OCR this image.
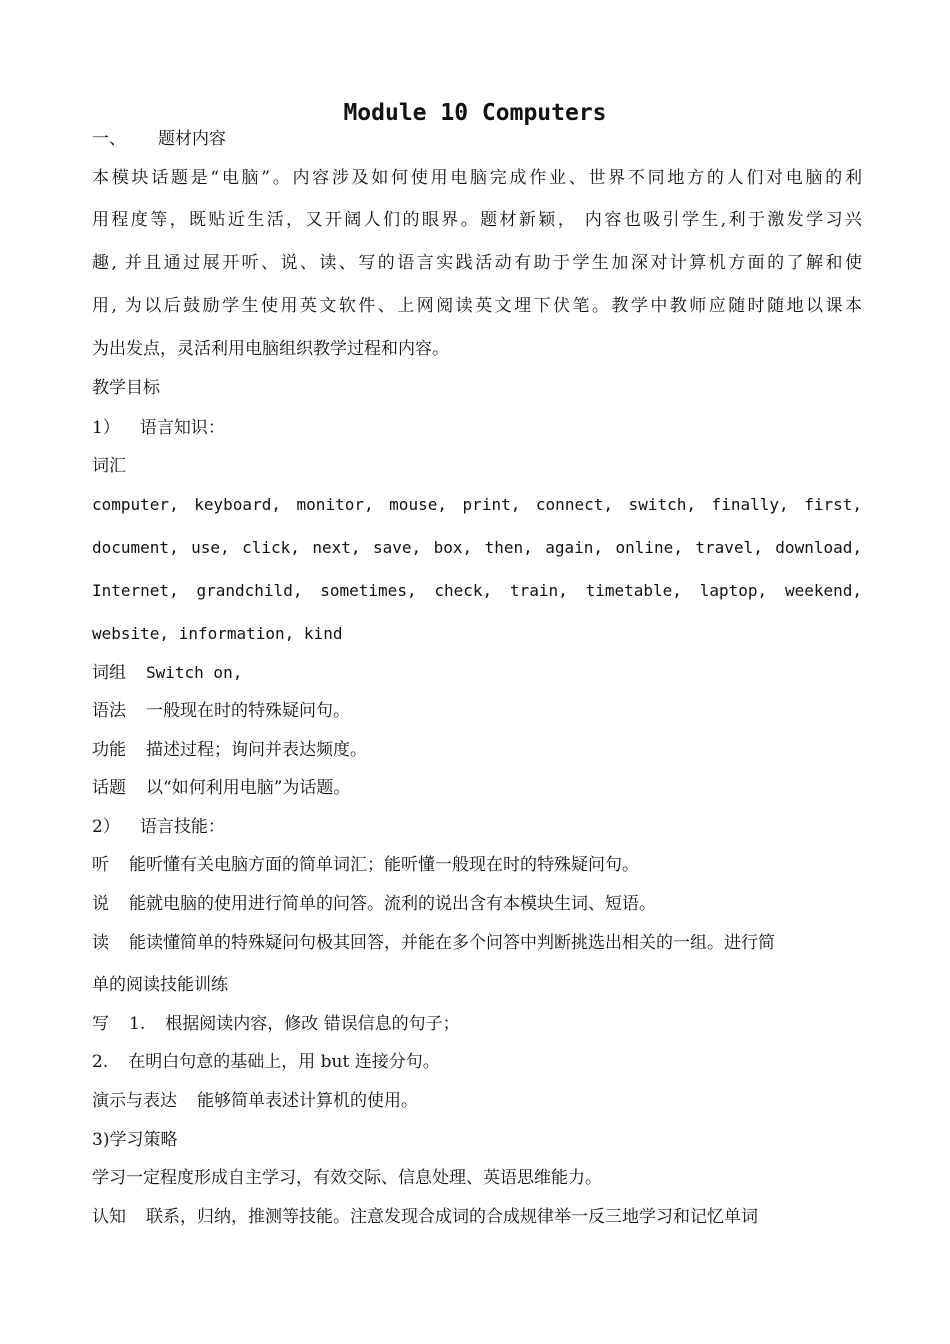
Module 10 Computers
一、 题材内容
本模块话题是“电脑”。内容涉及如何使用电脑完成作业、世界不同地方的人们对电脑的利
用程度等，既贴近生活，又开阔人们的眼界。题材新颖， 内容也吸引学生,利于激发学习兴
趣, 并且通过展开听、说、读、写的语言实践活动有助于学生加深对计算机方面的了解和使
用, 为以后鼓励学生使用英文软件、上网阅读英文埋下伏笔。教学中教师应随时随地以课本
为出发点，灵活利用电脑组织教学过程和内容。
教学目标
1） 语言知识：
词汇
computer, keyboard, monitor, mouse, print, connect, switch, finally, first,
document, use, click, next, save, box, then, again, online, travel, download,
Internet, grandchild, sometimes, check, train, timetable, laptop, weekend,
website, information, kind
词组 Switch on,
语法 一般现在时的特殊疑问句。
功能 描述过程；询问并表达频度。
话题 以“如何利用电脑”为话题。
2） 语言技能：
听 能听懂有关电脑方面的简单词汇；能听懂一般现在时的特殊疑问句。
说 能就电脑的使用进行简单的问答。流利的说出含有本模块生词、短语。
读 能读懂简单的特殊疑问句极其回答，并能在多个问答中判断挑选出相关的一组。进行简
单的阅读技能训练
写 1. 根据阅读内容，修改 错误信息的句子；
2. 在明白句意的基础上，用 but 连接分句。
演示与表达 能够简单表述计算机的使用。
3)学习策略
学习一定程度形成自主学习，有效交际、信息处理、英语思维能力。
认知 联系，归纳，推测等技能。注意发现合成词的合成规律举一反三地学习和记忆单词
